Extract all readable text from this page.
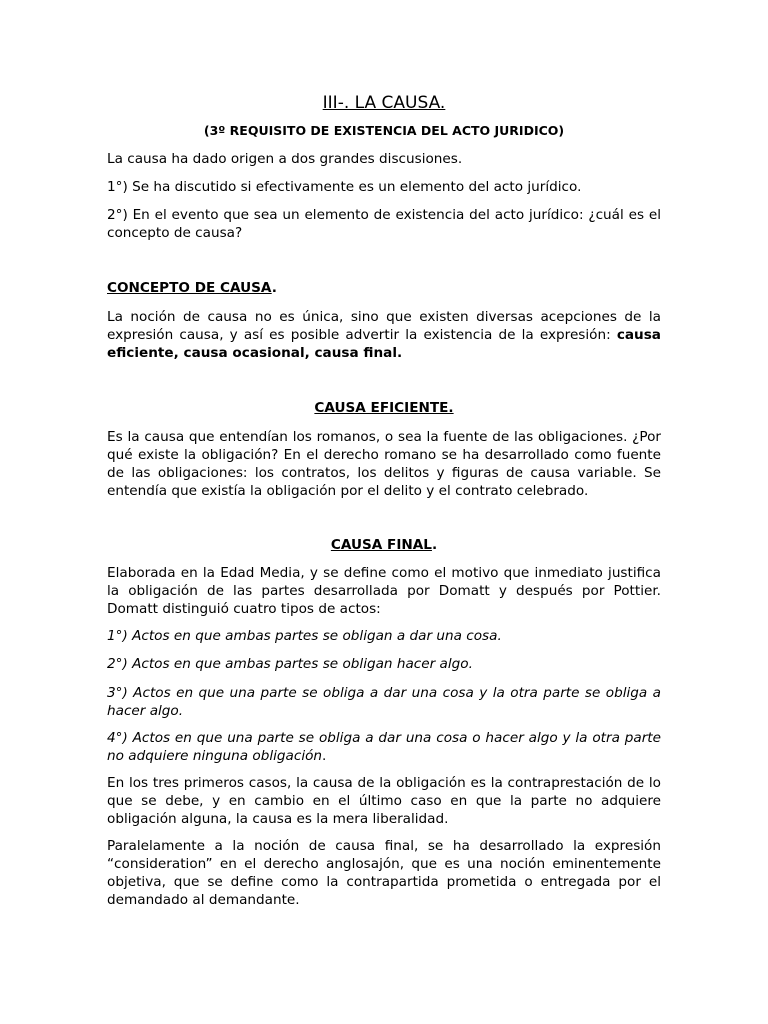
III-. LA CAUSA.
(3º REQUISITO DE EXISTENCIA DEL ACTO JURIDICO)
La causa ha dado origen a dos grandes discusiones.
1°) Se ha discutido si efectivamente es un elemento del acto jurídico.
2°) En el evento que sea un elemento de existencia del acto jurídico: ¿cuál es el concepto de causa?
CONCEPTO DE CAUSA.
La noción de causa no es única, sino que existen diversas acepciones de la expresión causa, y así es posible advertir la existencia de la expresión: causa eficiente, causa ocasional, causa final.
CAUSA EFICIENTE.
Es la causa que entendían los romanos, o sea la fuente de las obligaciones. ¿Por qué existe la obligación? En el derecho romano se ha desarrollado como fuente de las obligaciones: los contratos, los delitos y figuras de causa variable. Se entendía que existía la obligación por el delito y el contrato celebrado.
CAUSA FINAL.
Elaborada en la Edad Media, y se define como el motivo que inmediato justifica la obligación de las partes desarrollada por Domatt y después por Pottier. Domatt distinguió cuatro tipos de actos:
1°) Actos en que ambas partes se obligan a dar una cosa.
2°) Actos en que ambas partes se obligan hacer algo.
3°) Actos en que una parte se obliga a dar una cosa y la otra parte se obliga a hacer algo.
4°) Actos en que una parte se obliga a dar una cosa o hacer algo y la otra parte no adquiere ninguna obligación.
En los tres primeros casos, la causa de la obligación es la contraprestación de lo que se debe, y en cambio en el último caso en que la parte no adquiere obligación alguna, la causa es la mera liberalidad.
Paralelamente a la noción de causa final, se ha desarrollado la expresión “consideration” en el derecho anglosajón, que es una noción eminentemente objetiva, que se define como la contrapartida prometida o entregada por el demandado al demandante.
